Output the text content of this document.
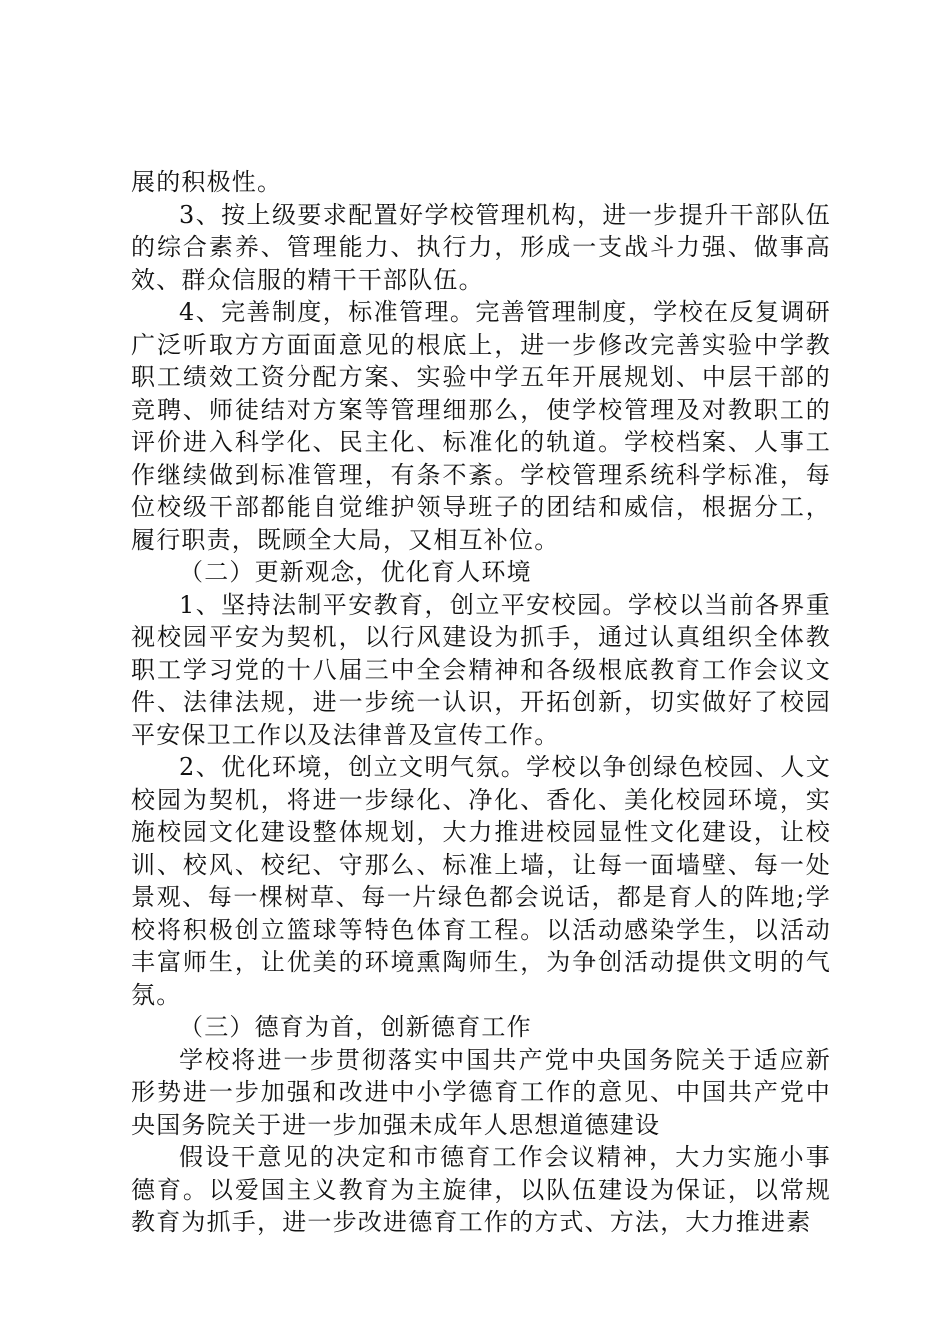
展的积极性。

3、按上级要求配置好学校管理机构，进一步提升干部队伍的综合素养、管理能力、执行力，形成一支战斗力强、做事高效、群众信服的精干干部队伍。

4、完善制度，标准管理。完善管理制度，学校在反复调研广泛听取方方面面意见的根底上，进一步修改完善实验中学教职工绩效工资分配方案、实验中学五年开展规划、中层干部的竞聘、师徒结对方案等管理细那么，使学校管理及对教职工的评价进入科学化、民主化、标准化的轨道。学校档案、人事工作继续做到标准管理，有条不紊。学校管理系统科学标准，每位校级干部都能自觉维护领导班子的团结和威信，根据分工，履行职责，既顾全大局，又相互补位。

（二）更新观念，优化育人环境

1、坚持法制平安教育，创立平安校园。学校以当前各界重视校园平安为契机，以行风建设为抓手，通过认真组织全体教职工学习党的十八届三中全会精神和各级根底教育工作会议文件、法律法规，进一步统一认识，开拓创新，切实做好了校园平安保卫工作以及法律普及宣传工作。

2、优化环境，创立文明气氛。学校以争创绿色校园、人文校园为契机，将进一步绿化、净化、香化、美化校园环境，实施校园文化建设整体规划，大力推进校园显性文化建设，让校训、校风、校纪、守那么、标准上墙，让每一面墙壁、每一处景观、每一棵树草、每一片绿色都会说话，都是育人的阵地;学校将积极创立篮球等特色体育工程。以活动感染学生，以活动丰富师生，让优美的环境熏陶师生，为争创活动提供文明的气氛。

（三）德育为首，创新德育工作

学校将进一步贯彻落实中国共产党中央国务院关于适应新形势进一步加强和改进中小学德育工作的意见、中国共产党中央国务院关于进一步加强未成年人思想道德建设

假设干意见的决定和市德育工作会议精神，大力实施小事德育。以爱国主义教育为主旋律，以队伍建设为保证，以常规教育为抓手，进一步改进德育工作的方式、方法，大力推进素
